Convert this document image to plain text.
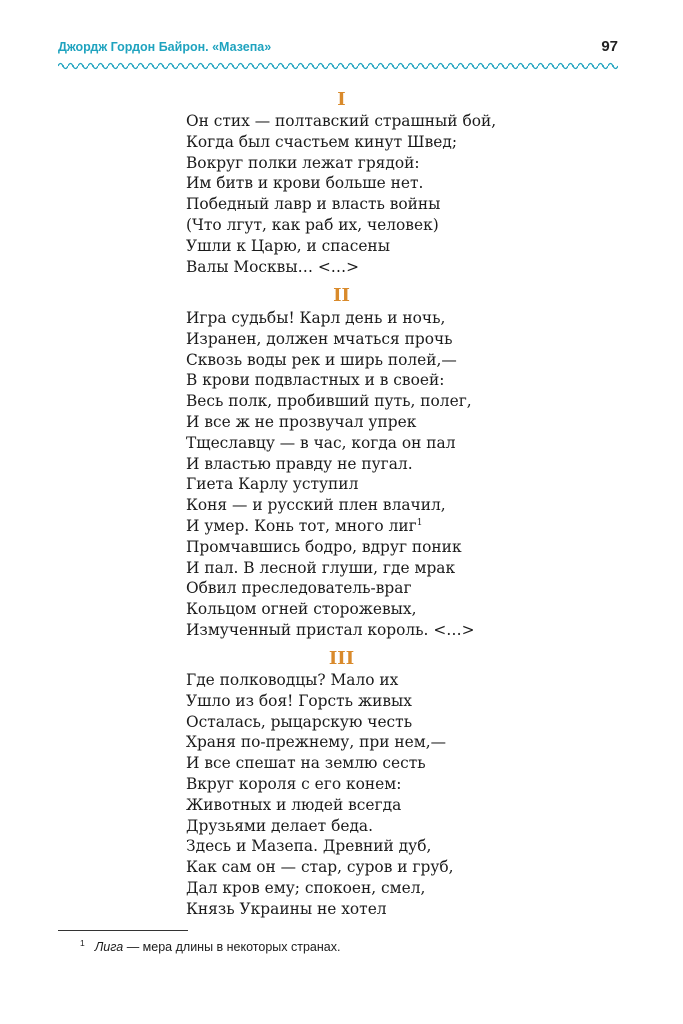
Джордж Гордон Байрон. «Мазепа»	97
I
Он стих — полтавский страшный бой,
Когда был счастьем кинут Швед;
Вокруг полки лежат грядой:
Им битв и крови больше нет.
Победный лавр и власть войны
(Что лгут, как раб их, человек)
Ушли к Царю, и спасены
Валы Москвы… <…>
II
Игра судьбы! Карл день и ночь,
Изранен, должен мчаться прочь
Сквозь воды рек и ширь полей,—
В крови подвластных и в своей:
Весь полк, пробивший путь, полег,
И все ж не прозвучал упрек
Тщеславцу — в час, когда он пал
И властью правду не пугал.
Гиета Карлу уступил
Коня — и русский плен влачил,
И умер. Конь тот, много лиг$^1$
Промчавшись бодро, вдруг поник
И пал. В лесной глуши, где мрак
Обвил преследователь-враг
Кольцом огней сторожевых,
Измученный пристал король. <…>
III
Где полководцы? Мало их
Ушло из боя! Горсть живых
Осталась, рыцарскую честь
Храня по-прежнему, при нем,—
И все спешат на землю сесть
Вкруг короля с его конем:
Животных и людей всегда
Друзьями делает беда.
Здесь и Мазепа. Древний дуб,
Как сам он — стар, суров и груб,
Дал кров ему; спокоен, смел,
Князь Украины не хотел
$^1$ Лига — мера длины в некоторых странах.
